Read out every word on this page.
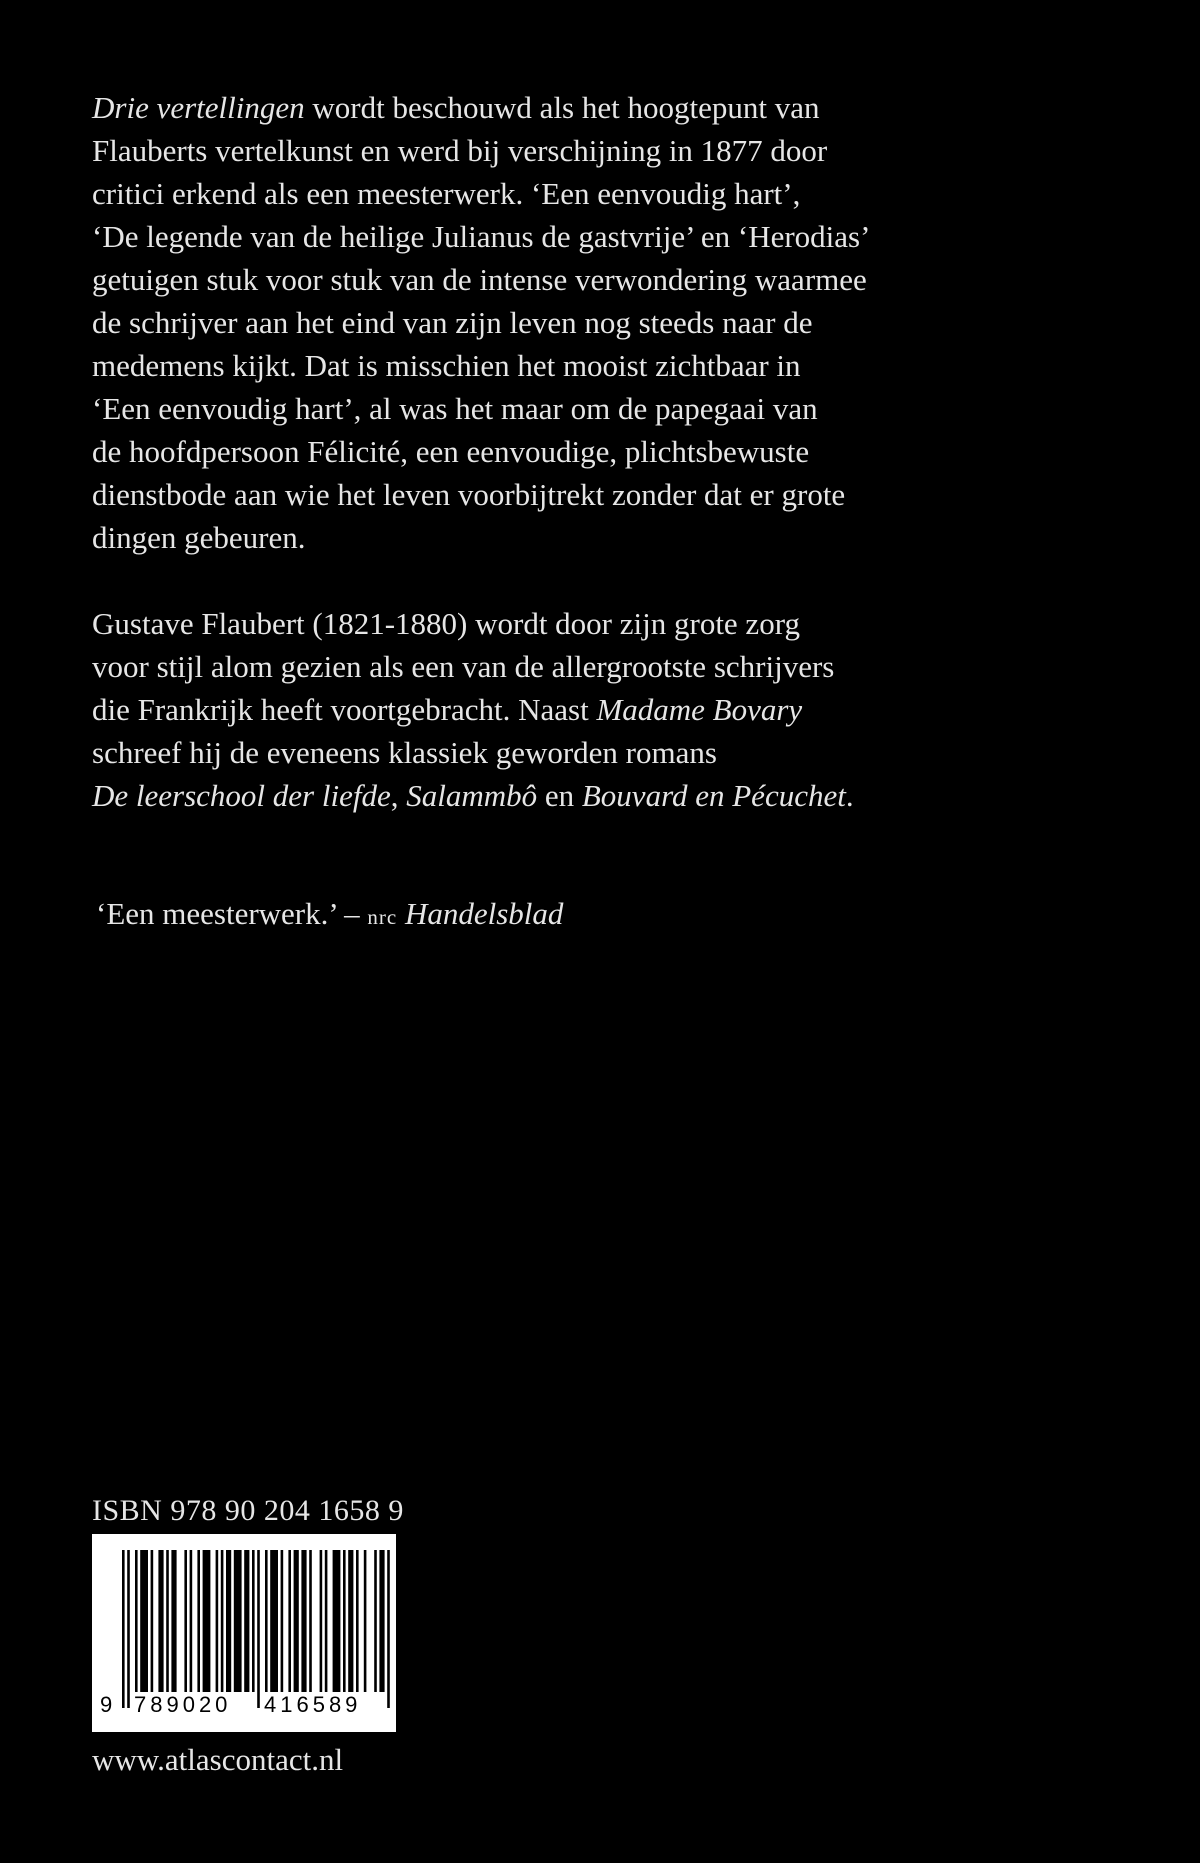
Drie vertellingen wordt beschouwd als het hoogtepunt van
Flauberts vertelkunst en werd bij verschijning in 1877 door
critici erkend als een meesterwerk. ‘Een eenvoudig hart’,
‘De legende van de heilige Julianus de gastvrije’ en ‘Herodias’
getuigen stuk voor stuk van de intense verwondering waarmee
de schrijver aan het eind van zijn leven nog steeds naar de
medemens kijkt. Dat is misschien het mooist zichtbaar in
‘Een eenvoudig hart’, al was het maar om de papegaai van
de hoofdpersoon Félicité, een eenvoudige, plichtsbewuste
dienstbode aan wie het leven voorbijtrekt zonder dat er grote
dingen gebeuren.

Gustave Flaubert (1821-1880) wordt door zijn grote zorg
voor stijl alom gezien als een van de allergrootste schrijvers
die Frankrijk heeft voortgebracht. Naast Madame Bovary
schreef hij de eveneens klassiek geworden romans
De leerschool der liefde, Salammbô en Bouvard en Pécuchet.

‘Een meesterwerk.’ – nrc Handelsblad
ISBN 978 90 204 1658 9
9 789020 416589
www.atlascontact.nl
